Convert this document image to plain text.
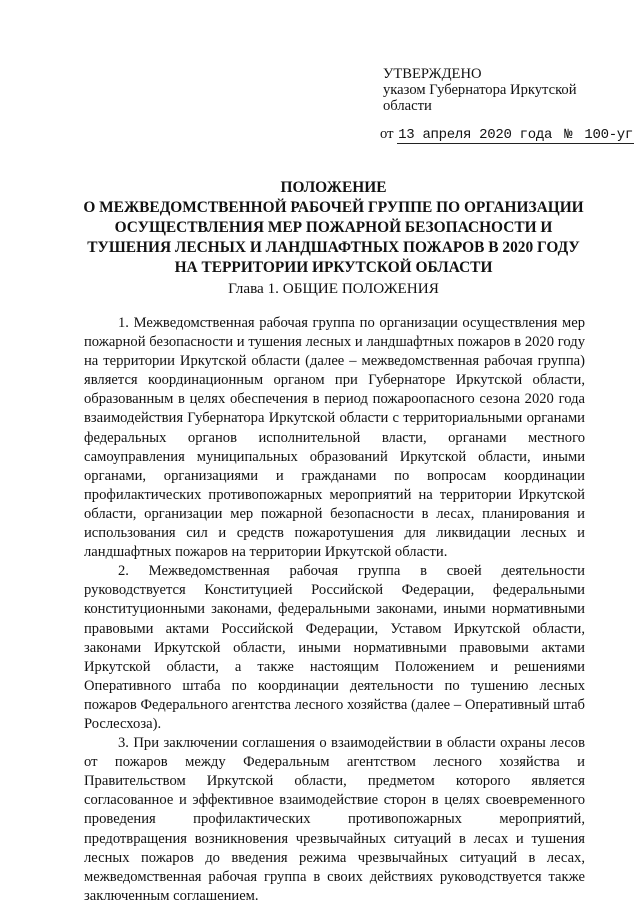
УТВЕРЖДЕНО
указом Губернатора Иркутской
области
от 13 апреля 2020 года № 100-уг
ПОЛОЖЕНИЕ
О МЕЖВЕДОМСТВЕННОЙ РАБОЧЕЙ ГРУППЕ ПО ОРГАНИЗАЦИИ
ОСУЩЕСТВЛЕНИЯ МЕР ПОЖАРНОЙ БЕЗОПАСНОСТИ И
ТУШЕНИЯ ЛЕСНЫХ И ЛАНДШАФТНЫХ ПОЖАРОВ В 2020 ГОДУ
НА ТЕРРИТОРИИ ИРКУТСКОЙ ОБЛАСТИ
Глава 1. ОБЩИЕ ПОЛОЖЕНИЯ

1. Межведомственная рабочая группа по организации осуществления мер пожарной безопасности и тушения лесных и ландшафтных пожаров в 2020 году на территории Иркутской области (далее – межведомственная рабочая группа) является координационным органом при Губернаторе Иркутской области, образованным в целях обеспечения в период пожароопасного сезона 2020 года взаимодействия Губернатора Иркутской области с территориальными органами федеральных органов исполнительной власти, органами местного самоуправления муниципальных образований Иркутской области, иными органами, организациями и гражданами по вопросам координации профилактических противопожарных мероприятий на территории Иркутской области, организации мер пожарной безопасности в лесах, планирования и использования сил и средств пожаротушения для ликвидации лесных и ландшафтных пожаров на территории Иркутской области.

2. Межведомственная рабочая группа в своей деятельности руководствуется Конституцией Российской Федерации, федеральными конституционными законами, федеральными законами, иными нормативными правовыми актами Российской Федерации, Уставом Иркутской области, законами Иркутской области, иными нормативными правовыми актами Иркутской области, а также настоящим Положением и решениями Оперативного штаба по координации деятельности по тушению лесных пожаров Федерального агентства лесного хозяйства (далее – Оперативный штаб Рослесхоза).

3. При заключении соглашения о взаимодействии в области охраны лесов от пожаров между Федеральным агентством лесного хозяйства и Правительством Иркутской области, предметом которого является согласованное и эффективное взаимодействие сторон в целях своевременного проведения профилактических противопожарных мероприятий, предотвращения возникновения чрезвычайных ситуаций в лесах и тушения лесных пожаров до введения режима чрезвычайных ситуаций в лесах, межведомственная рабочая группа в своих действиях руководствуется также заключенным соглашением.
